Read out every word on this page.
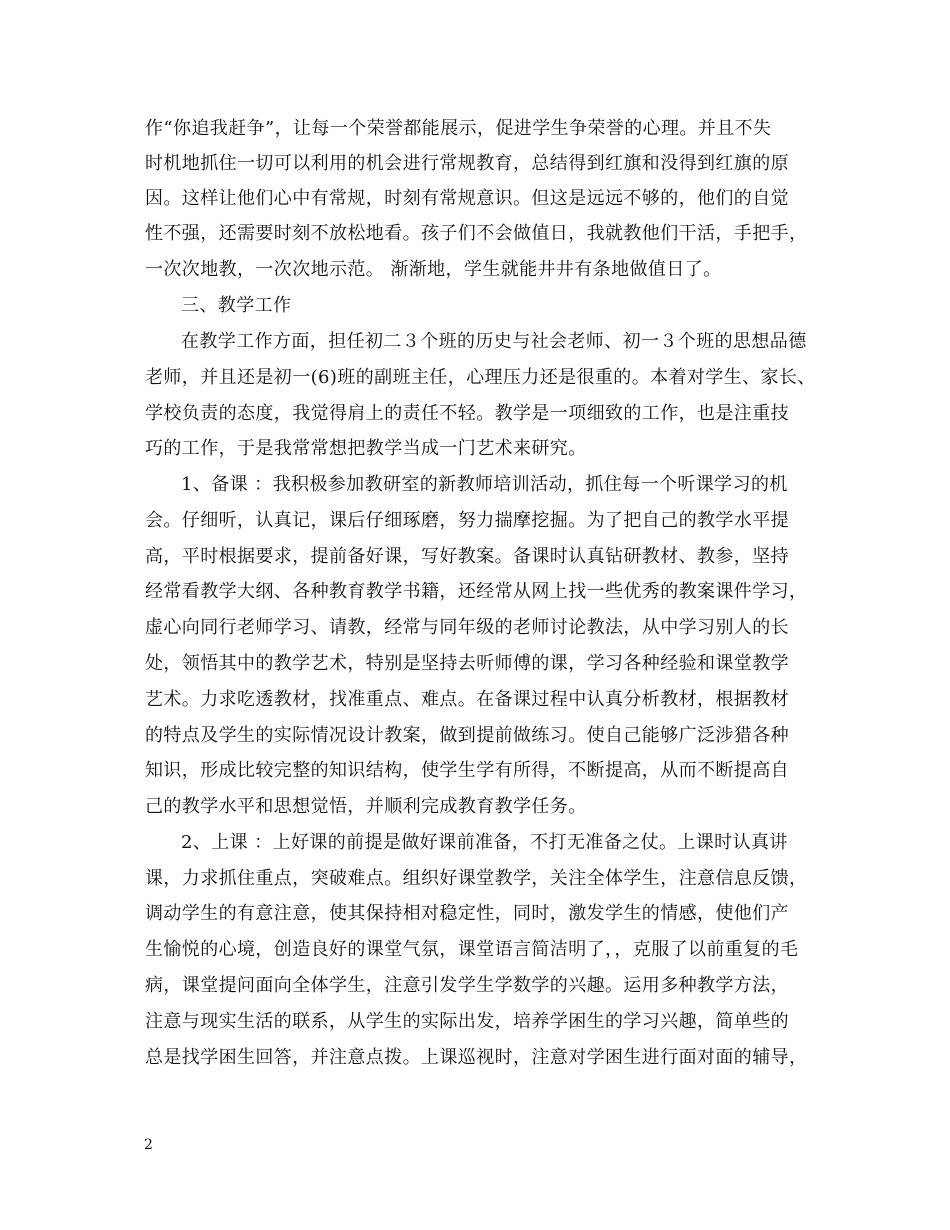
作“你追我赶争”，让每一个荣誉都能展示，促进学生争荣誉的心理。并且不失
时机地抓住一切可以利用的机会进行常规教育，总结得到红旗和没得到红旗的原
因。这样让他们心中有常规，时刻有常规意识。但这是远远不够的，他们的自觉
性不强，还需要时刻不放松地看。孩子们不会做值日，我就教他们干活，手把手，
一次次地教，一次次地示范。 渐渐地，学生就能井井有条地做值日了。
三、教学工作
在教学工作方面，担任初二３个班的历史与社会老师、初一３个班的思想品德
老师，并且还是初一(6)班的副班主任，心理压力还是很重的。本着对学生、家长、
学校负责的态度，我觉得肩上的责任不轻。教学是一项细致的工作，也是注重技
巧的工作，于是我常常想把教学当成一门艺术来研究。
1、备课 ：我积极参加教研室的新教师培训活动，抓住每一个听课学习的机
会。仔细听，认真记，课后仔细琢磨，努力揣摩挖掘。为了把自己的教学水平提
高，平时根据要求，提前备好课，写好教案。备课时认真钻研教材、教参，坚持
经常看教学大纲、各种教育教学书籍，还经常从网上找一些优秀的教案课件学习，
虚心向同行老师学习、请教，经常与同年级的老师讨论教法，从中学习别人的长
处，领悟其中的教学艺术，特别是坚持去听师傅的课，学习各种经验和课堂教学
艺术。力求吃透教材，找准重点、难点。在备课过程中认真分析教材，根据教材
的特点及学生的实际情况设计教案，做到提前做练习。使自己能够广泛涉猎各种
知识，形成比较完整的知识结构，使学生学有所得，不断提高，从而不断提高自
己的教学水平和思想觉悟，并顺利完成教育教学任务。
2、上课 ：上好课的前提是做好课前准备，不打无准备之仗。上课时认真讲
课，力求抓住重点，突破难点。组织好课堂教学，关注全体学生，注意信息反馈，
调动学生的有意注意，使其保持相对稳定性，同时，激发学生的情感，使他们产
生愉悦的心境，创造良好的课堂气氛，课堂语言简洁明了，，克服了以前重复的毛
病，课堂提问面向全体学生，注意引发学生学数学的兴趣。运用多种教学方法，
注意与现实生活的联系，从学生的实际出发，培养学困生的学习兴趣，简单些的
总是找学困生回答，并注意点拨。上课巡视时，注意对学困生进行面对面的辅导，
2
